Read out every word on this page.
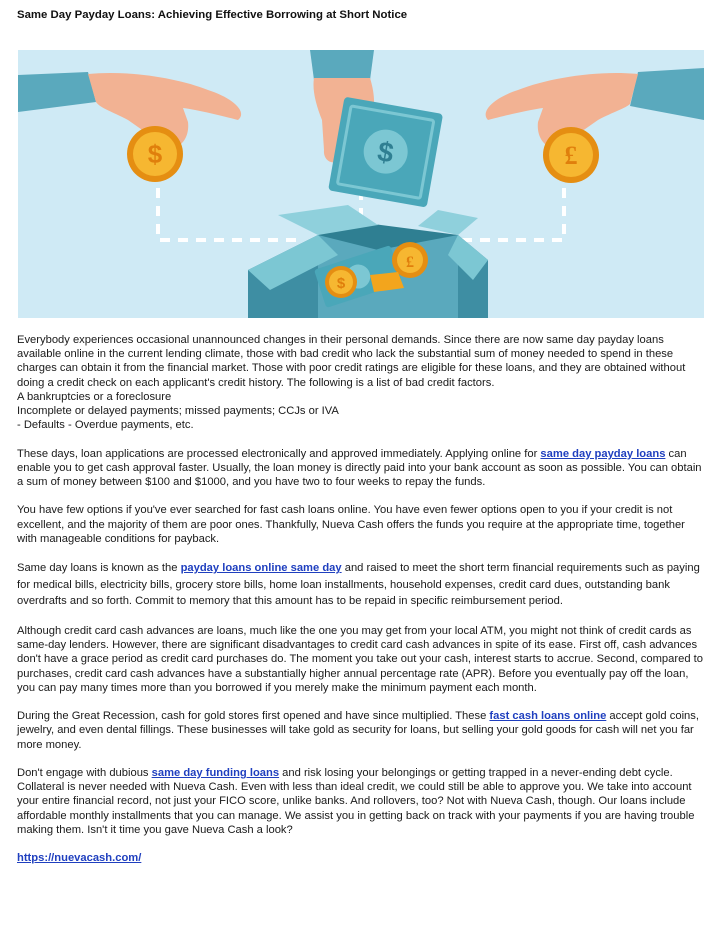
Same Day Payday Loans: Achieving Effective Borrowing at Short Notice
$	$	£
$
£

Everybody experiences occasional unannounced changes in their personal demands. Since there are now same day payday loans available online in the current lending climate, those with bad credit who lack the substantial sum of money needed to spend in these charges can obtain it from the financial market. Those with poor credit ratings are eligible for these loans, and they are obtained without doing a credit check on each applicant's credit history. The following is a list of bad credit factors.
A bankruptcies or a foreclosure
Incomplete or delayed payments; missed payments; CCJs or IVA
- Defaults - Overdue payments, etc.

These days, loan applications are processed electronically and approved immediately. Applying online for same day payday loans can enable you to get cash approval faster. Usually, the loan money is directly paid into your bank account as soon as possible. You can obtain a sum of money between $100 and $1000, and you have two to four weeks to repay the funds.

You have few options if you've ever searched for fast cash loans online. You have even fewer options open to you if your credit is not excellent, and the majority of them are poor ones. Thankfully, Nueva Cash offers the funds you require at the appropriate time, together with manageable conditions for payback.

Same day loans is known as the payday loans online same day and raised to meet the short term financial requirements such as paying for medical bills, electricity bills, grocery store bills, home loan installments, household expenses, credit card dues, outstanding bank overdrafts and so forth. Commit to memory that this amount has to be repaid in specific reimbursement period.

Although credit card cash advances are loans, much like the one you may get from your local ATM, you might not think of credit cards as same-day lenders. However, there are significant disadvantages to credit card cash advances in spite of its ease. First off, cash advances don't have a grace period as credit card purchases do. The moment you take out your cash, interest starts to accrue. Second, compared to purchases, credit card cash advances have a substantially higher annual percentage rate (APR). Before you eventually pay off the loan, you can pay many times more than you borrowed if you merely make the minimum payment each month.

During the Great Recession, cash for gold stores first opened and have since multiplied. These fast cash loans online accept gold coins, jewelry, and even dental fillings. These businesses will take gold as security for loans, but selling your gold goods for cash will net you far more money.

Don't engage with dubious same day funding loans and risk losing your belongings or getting trapped in a never-ending debt cycle. Collateral is never needed with Nueva Cash. Even with less than ideal credit, we could still be able to approve you. We take into account your entire financial record, not just your FICO score, unlike banks. And rollovers, too? Not with Nueva Cash, though. Our loans include affordable monthly installments that you can manage. We assist you in getting back on track with your payments if you are having trouble making them. Isn't it time you gave Nueva Cash a look?

https://nuevacash.com/
